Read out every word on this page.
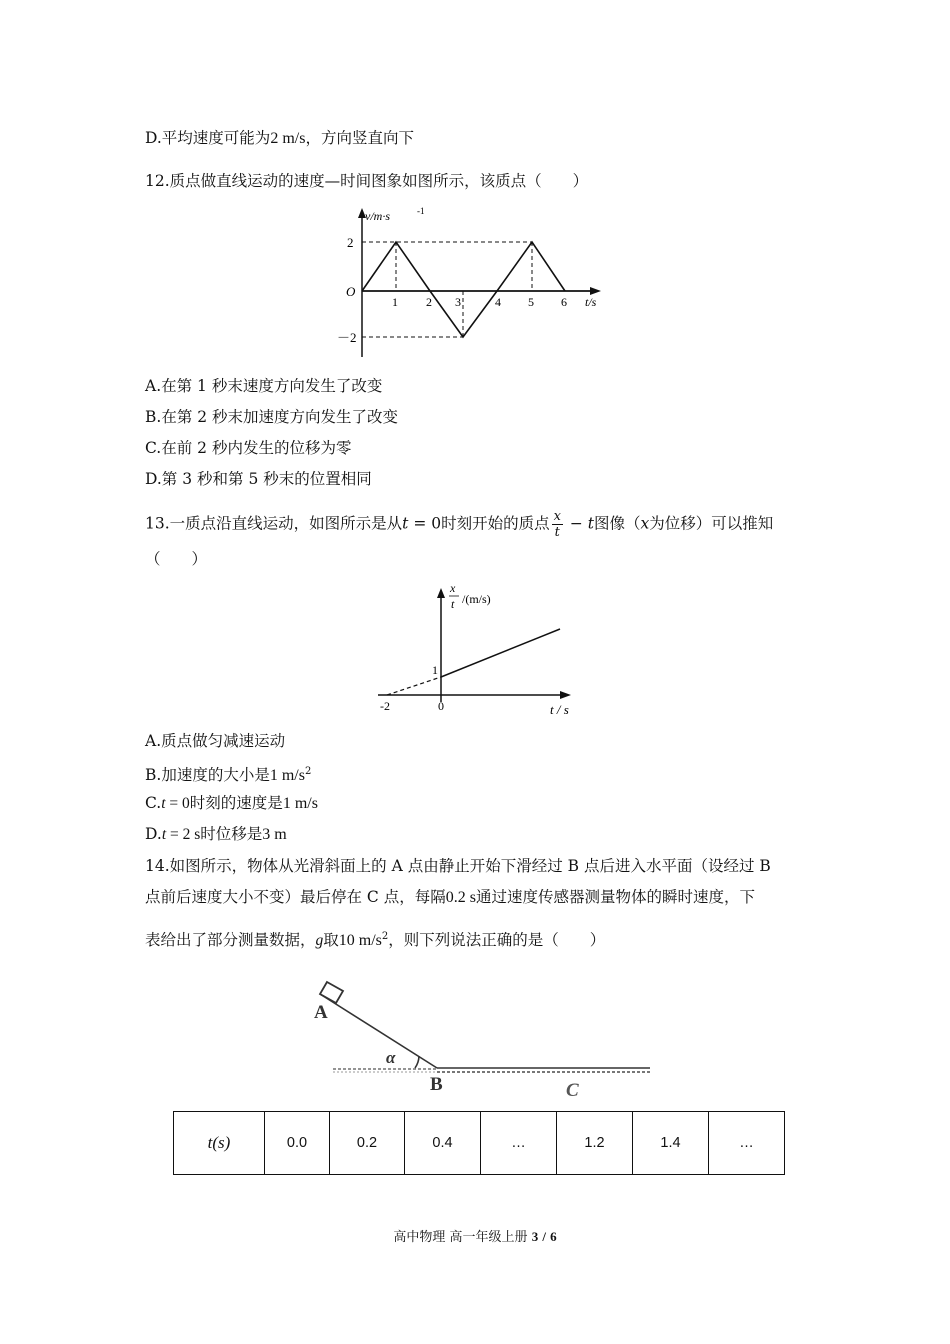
D.平均速度可能为2 m/s，方向竖直向下
12.质点做直线运动的速度—时间图象如图所示，该质点（　　）
v/m·s	-1
O
2
－2
1 2 3	4 5 6 t/s
A.在第 1 秒末速度方向发生了改变
B.在第 2 秒末加速度方向发生了改变
C.在前 2 秒内发生的位移为零
D.第 3 秒和第 5 秒末的位置相同
13.一质点沿直线运动，如图所示是从t = 0时刻开始的质点 $\frac{x}{t} - t$图像（x为位移）可以推知
（　　）
x
t /(m/s)
1
-2	0	t / s
A.质点做匀减速运动
B.加速度的大小是1 $m/s^2$
C.t = 0时刻的速度是1 m/s
D.t = 2 s时位移是3 m
14.如图所示，物体从光滑斜面上的 A 点由静止开始下滑经过 B 点后进入水平面（设经过 B
点前后速度大小不变）最后停在 C 点，每隔0.2 s通过速度传感器测量物体的瞬时速度，下
表给出了部分测量数据，g取10 $m/s^2$，则下列说法正确的是（　　）
A
α
B	C
t(s)	0.0	0.2	0.4	…	1.2	1.4	…
高中物理 高一年级上册 3 / 6
